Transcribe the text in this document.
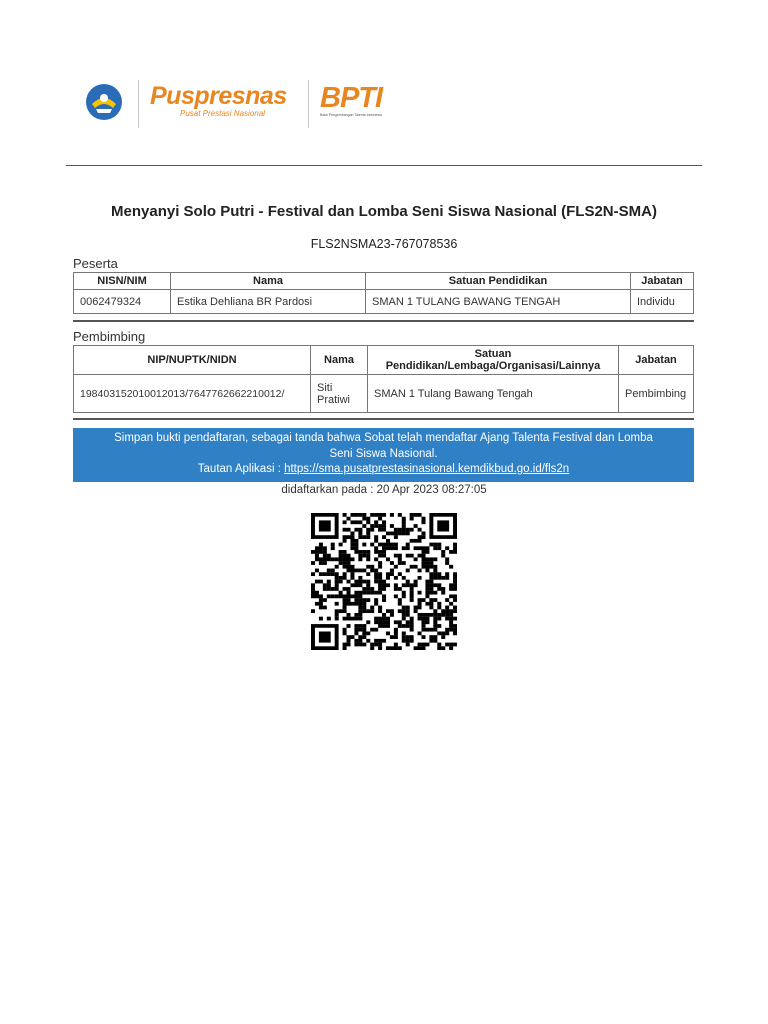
Puspresnas
Pusat Prestasi Nasional BPTI
Balai Pengembangan Talenta Indonesia
Menyanyi Solo Putri - Festival dan Lomba Seni Siswa Nasional (FLS2N-SMA)
FLS2NSMA23-767078536
Peserta
NISN/NIM	Nama	Satuan Pendidikan	Jabatan
0062479324	Estika Dehliana BR Pardosi	SMAN 1 TULANG BAWANG TENGAH	Individu
Pembimbing
NIP/NUPTK/NIDN	Nama	Satuan Pendidikan/Lembaga/Organisasi/Lainnya	Jabatan
198403152010012013/7647762662210012/	Siti Pratiwi	SMAN 1 Tulang Bawang Tengah	Pembimbing
Simpan bukti pendaftaran, sebagai tanda bahwa Sobat telah mendaftar Ajang Talenta Festival dan Lomba Seni Siswa Nasional.
Tautan Aplikasi : https://sma.pusatprestasinasional.kemdikbud.go.id/fls2n
didaftarkan pada : 20 Apr 2023 08:27:05
